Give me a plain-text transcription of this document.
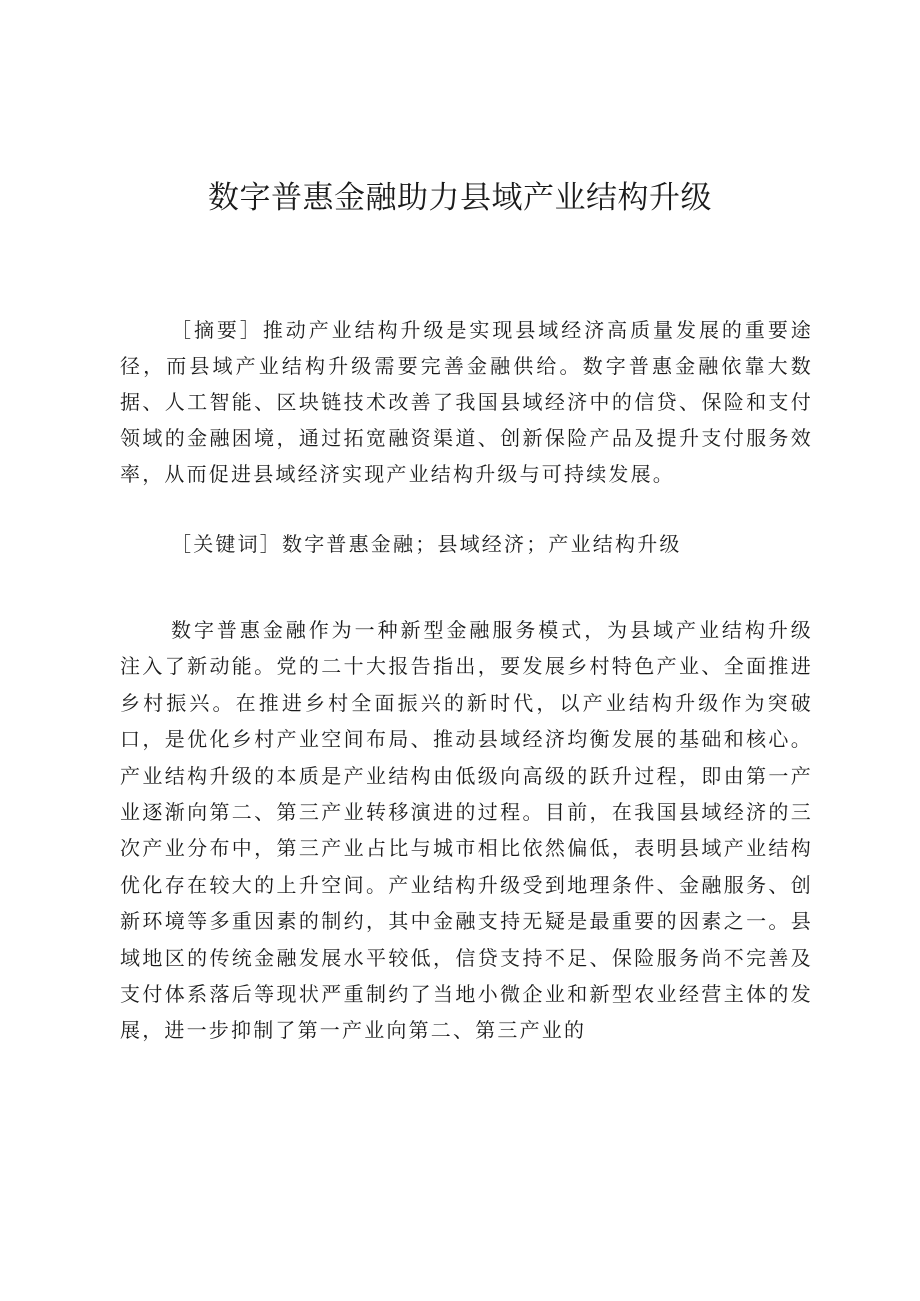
数字普惠金融助力县域产业结构升级

［摘要］推动产业结构升级是实现县域经济高质量发展的重要途径，而县域产业结构升级需要完善金融供给。数字普惠金融依靠大数据、人工智能、区块链技术改善了我国县域经济中的信贷、保险和支付领域的金融困境，通过拓宽融资渠道、创新保险产品及提升支付服务效率，从而促进县域经济实现产业结构升级与可持续发展。

［关键词］数字普惠金融；县域经济；产业结构升级

数字普惠金融作为一种新型金融服务模式，为县域产业结构升级注入了新动能。党的二十大报告指出，要发展乡村特色产业、全面推进乡村振兴。在推进乡村全面振兴的新时代，以产业结构升级作为突破口，是优化乡村产业空间布局、推动县域经济均衡发展的基础和核心。产业结构升级的本质是产业结构由低级向高级的跃升过程，即由第一产业逐渐向第二、第三产业转移演进的过程。目前，在我国县域经济的三次产业分布中，第三产业占比与城市相比依然偏低，表明县域产业结构优化存在较大的上升空间。产业结构升级受到地理条件、金融服务、创新环境等多重因素的制约，其中金融支持无疑是最重要的因素之一。县域地区的传统金融发展水平较低，信贷支持不足、保险服务尚不完善及支付体系落后等现状严重制约了当地小微企业和新型农业经营主体的发展，进一步抑制了第一产业向第二、第三产业的
